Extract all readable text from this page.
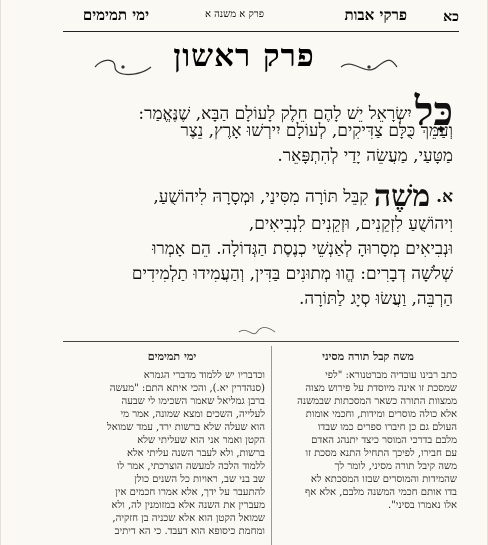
כא
פרקי אבות
פרק א משנה א
ימי תמימים
פרק ראשון
כָּליִשְׂרָאֵל יֵשׁ לָהֶם חֵלֶק לָעוֹלָם הַבָּא, שֶׁנֶּאֱמַר:
וְעַמֵּךְ כֻּלָּם צַדִּיקִים, לְעוֹלָם יִירְשׁוּ אָרֶץ, נֵצֶר
מַטָּעַי, מַעֲשֵׂה יָדַי לְהִתְפָּאֵר.
א.משֶׁה קִבֵּל תּוֹרָה מִסִּינַי, וּמְסָרָהּ לִיהוֹשֻׁעַ,
וִיהוֹשֻׁעַ לִזְקֵנִים, וּזְקֵנִים לִנְבִיאִים,
וּנְבִיאִים מְסָרוּהָ לְאַנְשֵׁי כְנֶסֶת הַגְּדוֹלָה. הֵם אָמְרוּ
שְׁלֹשָׁה דְבָרִים: הֱווּ מְתוּנִים בַּדִּין, וְהַעֲמִידוּ תַלְמִידִים
הַרְבֵּה, וַעֲשׂוּ סְיָג לַתּוֹרָה.
משה קבל תורה מסיני
כתב רבינו עובדיה מברטנורא: "לפי
שמסכת זו אינה מיוסדת על פירוש מצוה
ממצוות התורה כשאר המסכתות שבמשנה
אלא כולה מוסרים ומידות, וחכמי אומות
העולם גם כן חיברו ספרים כמו שבדו
מלבם בדרכי המוסר כיצד יתנהג האדם
עם חבירו, לפיכך התחיל התנא מסכת זו
משה קיבל תורה מסיני, לומר לך
שהמידות והמוסרים שבזו המסכתא לא
בדו אותם חכמי המשנה מלבם, אלא אף
אלו נאמרו בסיני".
ימי תמימים
וכדבריו יש ללמוד מדברי הגמרא
(סנהדרין יא.), והכי איתא התם: "מעשה
ברבן גמליאל שאמר השכימו לי שבעה
לעלייה, השכים ומצא שמונה, אמר מי
הוא שעלה שלא ברשות ירד, עמד שמואל
הקטן ואמר אני הוא שעליתי שלא
ברשות, ולא לעבר השנה עליתי אלא
ללמוד הלכה למעשה הוצרכתי, אמר לו
שב בני שב, ראויות כל השנים כולן
להתעבר על ידך, אלא אמרו חכמים אין
מעברין את השנה אלא במזומנין לה, ולא
שמואל הקטן הוא אלא שכניה בן חזקיה,
ומחמת כיסופא הוא דעבד. כי הא דיתיב
